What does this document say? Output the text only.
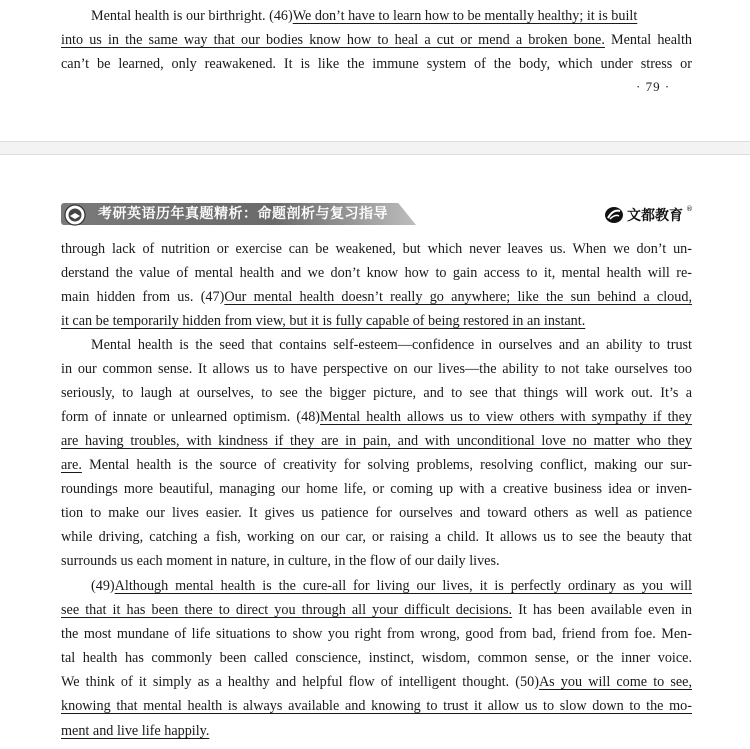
Mental health is our birthright. (46)We don’t have to learn how to be mentally healthy; it is built
into us in the same way that our bodies know how to heal a cut or mend a broken bone. Mental health
can’t be learned, only reawakened. It is like the immune system of the body, which under stress or
· 79 ·
考研英语历年真题精析：命题剖析与复习指导	文都教育 ®
through lack of nutrition or exercise can be weakened, but which never leaves us. When we don’t un-
derstand the value of mental health and we don’t know how to gain access to it, mental health will re-
main hidden from us. (47)Our mental health doesn’t really go anywhere; like the sun behind a cloud,
it can be temporarily hidden from view, but it is fully capable of being restored in an instant.
Mental health is the seed that contains self-esteem—confidence in ourselves and an ability to trust
in our common sense. It allows us to have perspective on our lives—the ability to not take ourselves too
seriously, to laugh at ourselves, to see the bigger picture, and to see that things will work out. It’s a
form of innate or unlearned optimism. (48)Mental health allows us to view others with sympathy if they
are having troubles, with kindness if they are in pain, and with unconditional love no matter who they
are. Mental health is the source of creativity for solving problems, resolving conflict, making our sur-
roundings more beautiful, managing our home life, or coming up with a creative business idea or inven-
tion to make our lives easier. It gives us patience for ourselves and toward others as well as patience
while driving, catching a fish, working on our car, or raising a child. It allows us to see the beauty that
surrounds us each moment in nature, in culture, in the flow of our daily lives.
(49)Although mental health is the cure-all for living our lives, it is perfectly ordinary as you will
see that it has been there to direct you through all your difficult decisions. It has been available even in
the most mundane of life situations to show you right from wrong, good from bad, friend from foe. Men-
tal health has commonly been called conscience, instinct, wisdom, common sense, or the inner voice.
We think of it simply as a healthy and helpful flow of intelligent thought. (50)As you will come to see,
knowing that mental health is always available and knowing to trust it allow us to slow down to the mo-
ment and live life happily.
